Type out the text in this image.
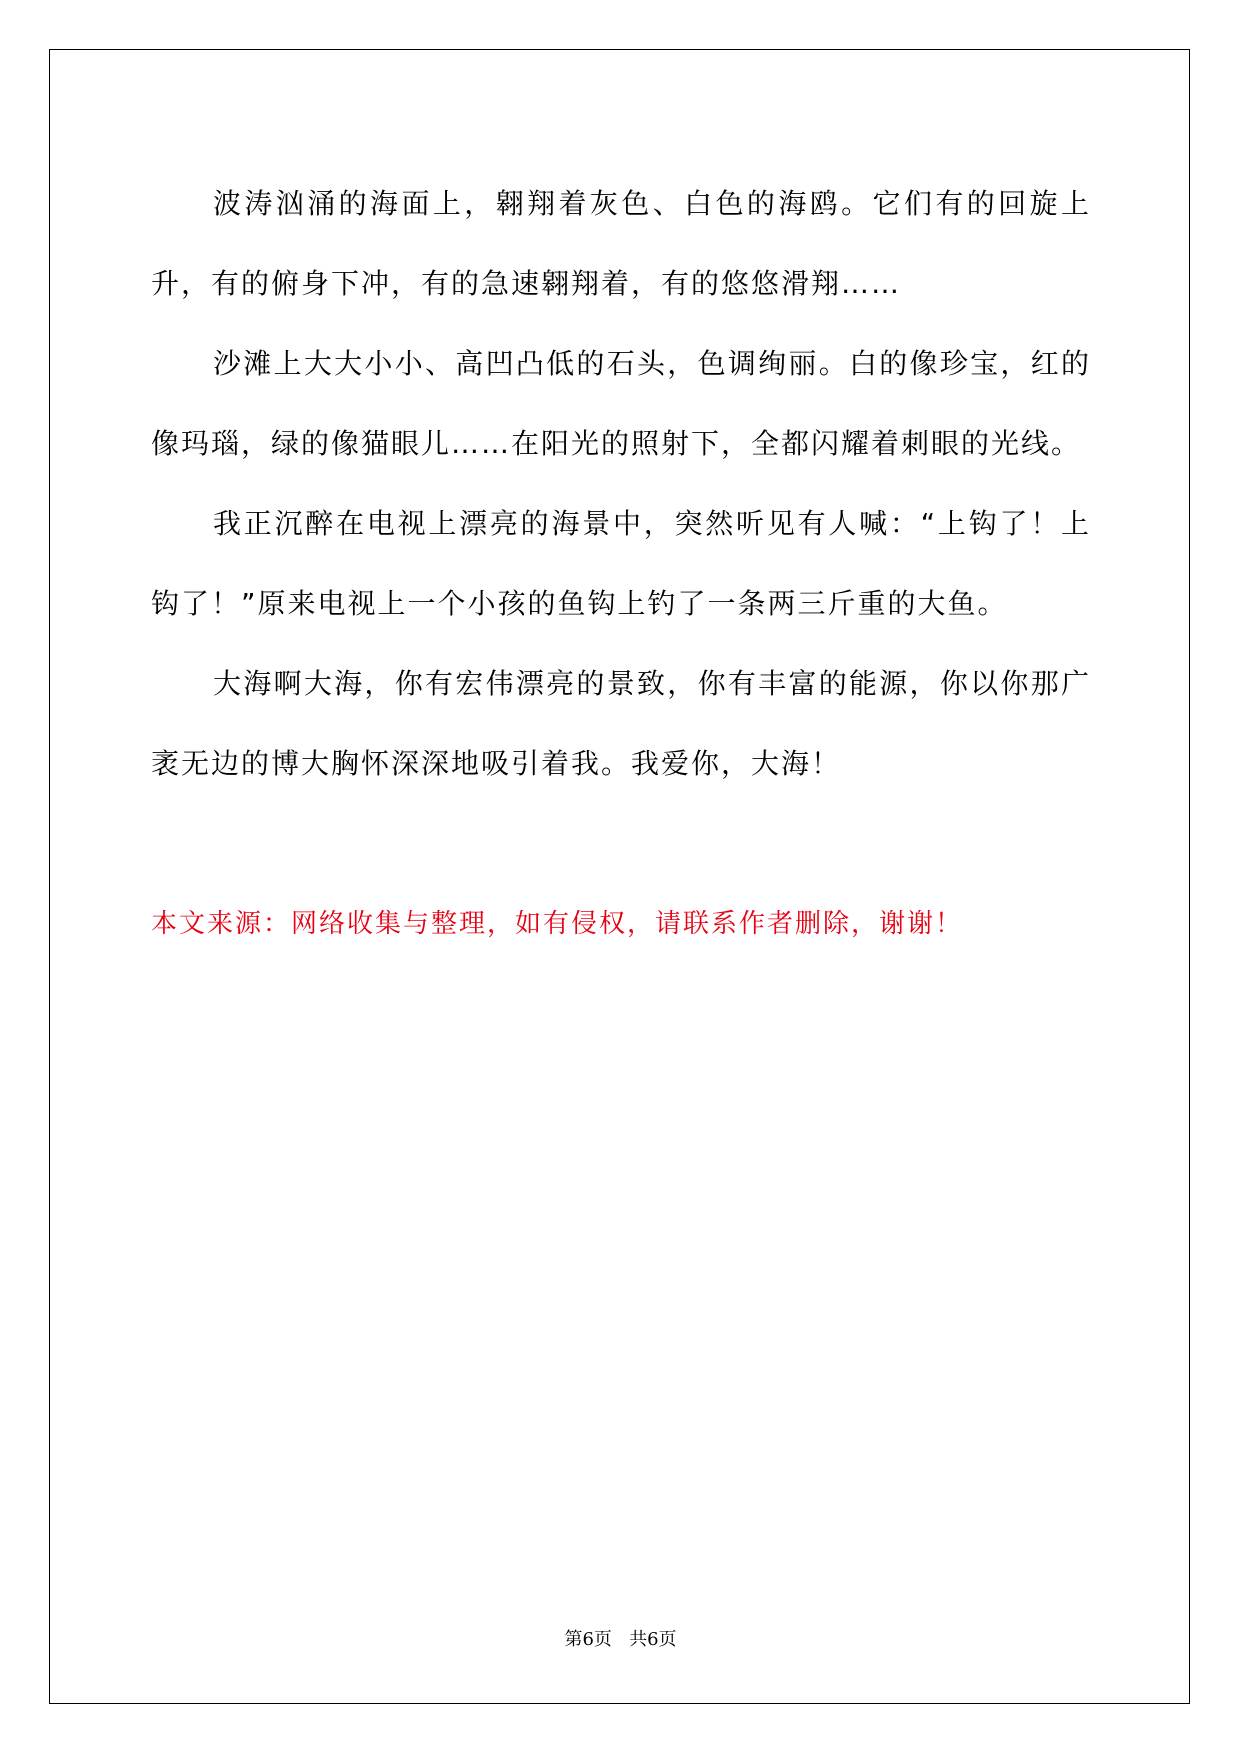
波涛汹涌的海面上，翱翔着灰色、白色的海鸥。它们有的回旋上升，有的俯身下冲，有的急速翱翔着，有的悠悠滑翔……

沙滩上大大小小、高凹凸低的石头，色调绚丽。白的像珍宝，红的像玛瑙，绿的像猫眼儿……在阳光的照射下，全都闪耀着刺眼的光线。

我正沉醉在电视上漂亮的海景中，突然听见有人喊：“上钩了！上钩了！”原来电视上一个小孩的鱼钩上钓了一条两三斤重的大鱼。

大海啊大海，你有宏伟漂亮的景致，你有丰富的能源，你以你那广袤无边的博大胸怀深深地吸引着我。我爱你，大海！

本文来源：网络收集与整理，如有侵权，请联系作者删除，谢谢！

第6页 共6页
